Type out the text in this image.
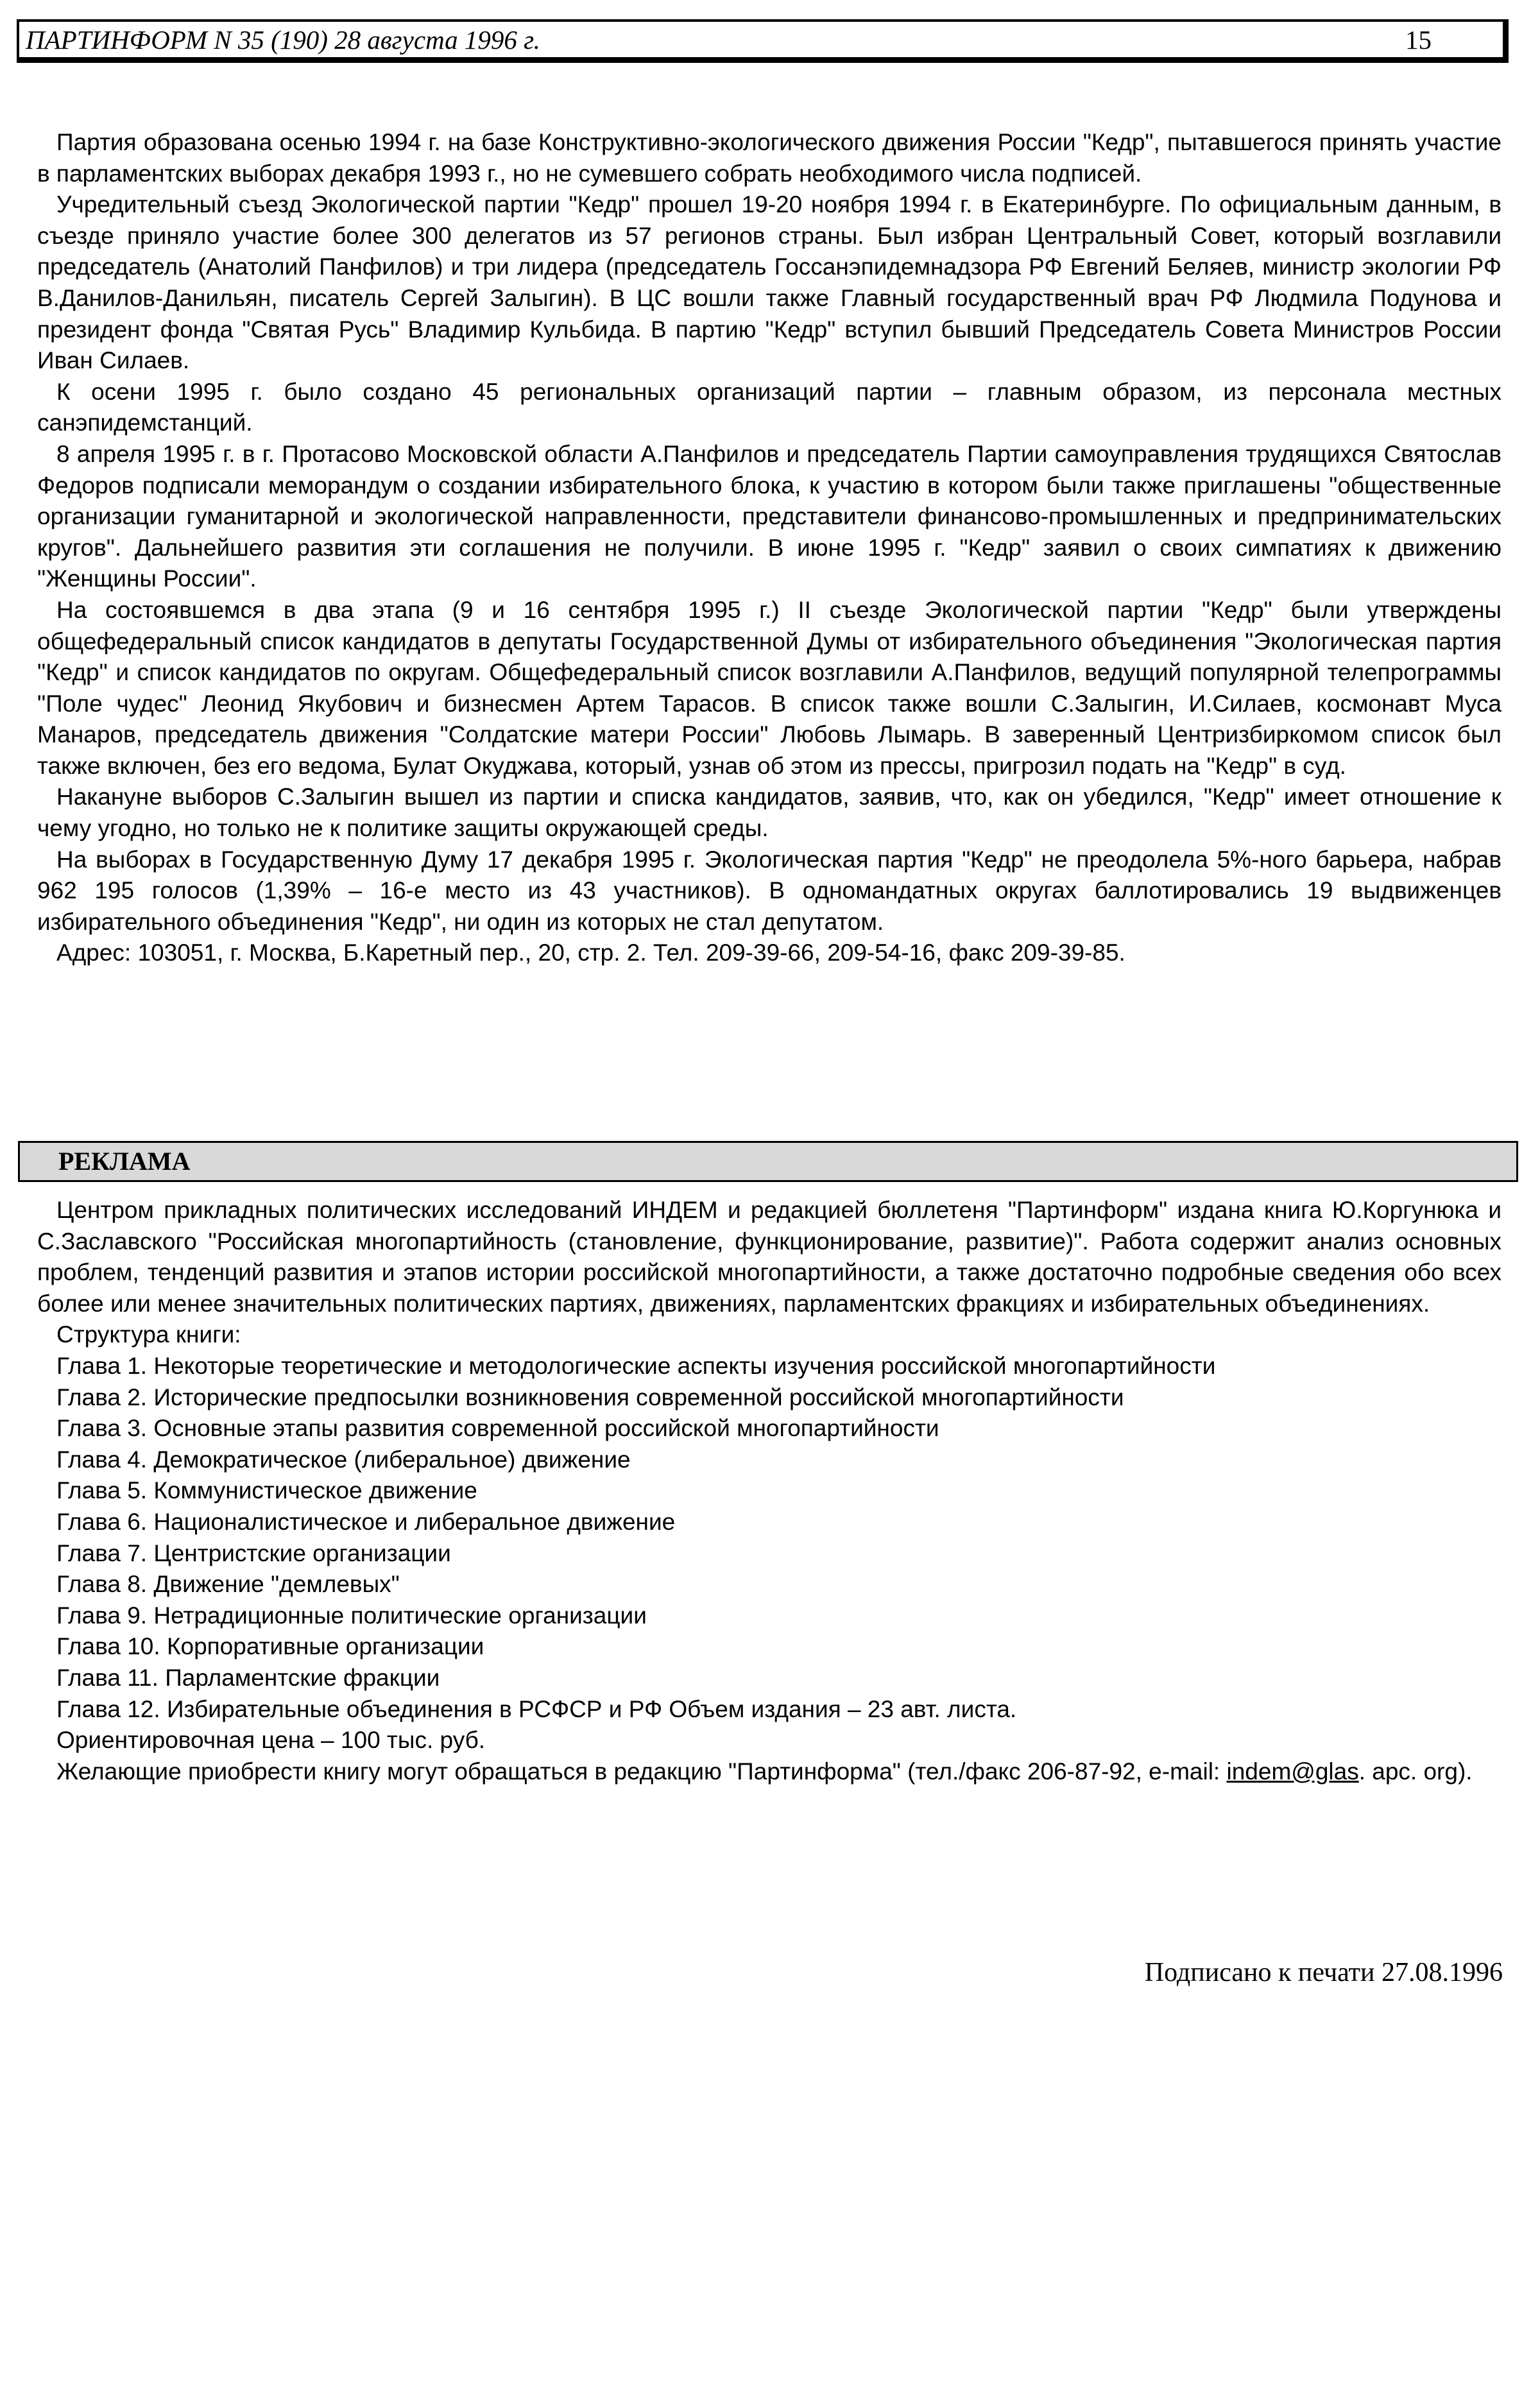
ПАРТИНФОРМ N 35 (190) 28 августа 1996 г.	15

Партия образована осенью 1994 г. на базе Конструктивно-экологического движения России "Кедр", пытавшегося принять участие в парламентских выборах декабря 1993 г., но не сумевшего собрать необходимого числа подписей.

Учредительный съезд Экологической партии "Кедр" прошел 19-20 ноября 1994 г. в Екатеринбурге. По официальным данным, в съезде приняло участие более 300 делегатов из 57 регионов страны. Был избран Центральный Совет, который возглавили председатель (Анатолий Панфилов) и три лидера (председатель Госсанэпидемнадзора РФ Евгений Беляев, министр экологии РФ В.Данилов-Данильян, писатель Сергей Залыгин). В ЦС вошли также Главный государственный врач РФ Людмила Подунова и президент фонда "Святая Русь" Владимир Кульбида. В партию "Кедр" вступил бывший Председатель Совета Министров России Иван Силаев.

К осени 1995 г. было создано 45 региональных организаций партии – главным образом, из персонала местных санэпидемстанций.

8 апреля 1995 г. в г. Протасово Московской области А.Панфилов и председатель Партии самоуправления трудящихся Святослав Федоров подписали меморандум о создании избирательного блока, к участию в котором были также приглашены "общественные организации гуманитарной и экологической направленности, представители финансово-промышленных и предпринимательских кругов". Дальнейшего развития эти соглашения не получили. В июне 1995 г. "Кедр" заявил о своих симпатиях к движению "Женщины России".

На состоявшемся в два этапа (9 и 16 сентября 1995 г.) II съезде Экологической партии "Кедр" были утверждены общефедеральный список кандидатов в депутаты Государственной Думы от избирательного объединения "Экологическая партия "Кедр" и список кандидатов по округам. Общефедеральный список возглавили А.Панфилов, ведущий популярной телепрограммы "Поле чудес" Леонид Якубович и бизнесмен Артем Тарасов. В список также вошли С.Залыгин, И.Силаев, космонавт Муса Манаров, председатель движения "Солдатские матери России" Любовь Лымарь. В заверенный Центризбиркомом список был также включен, без его ведома, Булат Окуджава, который, узнав об этом из прессы, пригрозил подать на "Кедр" в суд.

Накануне выборов С.Залыгин вышел из партии и списка кандидатов, заявив, что, как он убедился, "Кедр" имеет отношение к чему угодно, но только не к политике защиты окружающей среды.

На выборах в Государственную Думу 17 декабря 1995 г. Экологическая партия "Кедр" не преодолела 5%-ного барьера, набрав 962 195 голосов (1,39% – 16-е место из 43 участников). В одномандатных округах баллотировались 19 выдвиженцев избирательного объединения "Кедр", ни один из которых не стал депутатом.

Адрес: 103051, г. Москва, Б.Каретный пер., 20, стр. 2. Тел. 209-39-66, 209-54-16, факс 209-39-85.

РЕКЛАМА

Центром прикладных политических исследований ИНДЕМ и редакцией бюллетеня "Партинформ" издана книга Ю.Коргунюка и С.Заславского "Российская многопартийность (становление, функционирование, развитие)". Работа содержит анализ основных проблем, тенденций развития и этапов истории российской многопартийности, а также достаточно подробные сведения обо всех более или менее значительных политических партиях, движениях, парламентских фракциях и избирательных объединениях.

Структура книги:

Глава 1. Некоторые теоретические и методологические аспекты изучения российской многопартийности
Глава 2. Исторические предпосылки возникновения современной российской многопартийности
Глава 3. Основные этапы развития современной российской многопартийности
Глава 4. Демократическое (либеральное) движение
Глава 5. Коммунистическое движение
Глава 6. Националистическое и либеральное движение
Глава 7. Центристские организации
Глава 8. Движение "демлевых"
Глава 9. Нетрадиционные политические организации
Глава 10. Корпоративные организации
Глава 11. Парламентские фракции
Глава 12. Избирательные объединения в РСФСР и РФ Объем издания – 23 авт. листа.

Ориентировочная цена – 100 тыс. руб.

Желающие приобрести книгу могут обращаться в редакцию "Партинформа" (тел./факс 206-87-92, e-mail: indem@glas. apc. org).

Подписано к печати 27.08.1996
